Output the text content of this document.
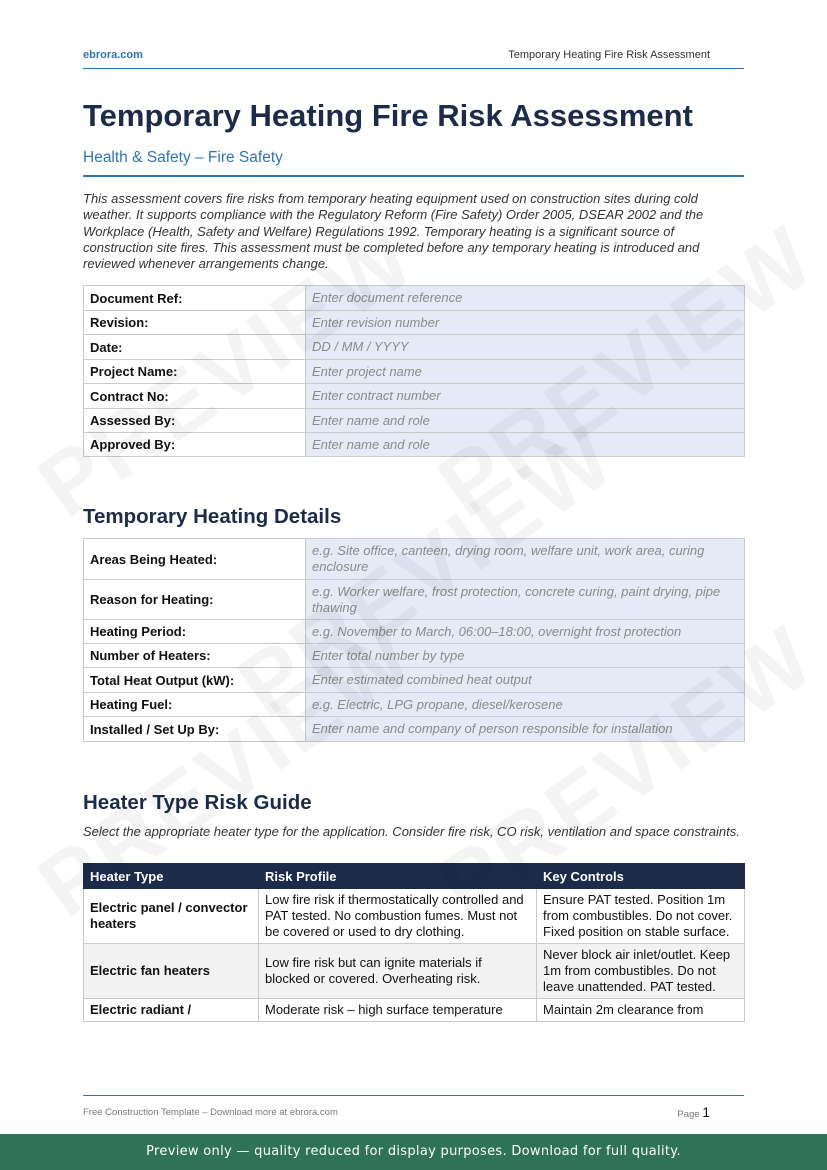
ebrora.com	Temporary Heating Fire Risk Assessment
Temporary Heating Fire Risk Assessment
Health & Safety – Fire Safety

This assessment covers fire risks from temporary heating equipment used on construction sites during cold weather. It supports compliance with the Regulatory Reform (Fire Safety) Order 2005, DSEAR 2002 and the Workplace (Health, Safety and Welfare) Regulations 1992. Temporary heating is a significant source of construction site fires. This assessment must be completed before any temporary heating is introduced and reviewed whenever arrangements change.

Document Ref:	Enter document reference
Revision:	Enter revision number
Date:	DD / MM / YYYY
Project Name:	Enter project name
Contract No:	Enter contract number
Assessed By:	Enter name and role
Approved By:	Enter name and role
Temporary Heating Details
Areas Being Heated:	e.g. Site office, canteen, drying room, welfare unit, work area, curing enclosure
Reason for Heating:	e.g. Worker welfare, frost protection, concrete curing, paint drying, pipe thawing
Heating Period:	e.g. November to March, 06:00–18:00, overnight frost protection
Number of Heaters:	Enter total number by type
Total Heat Output (kW):	Enter estimated combined heat output
Heating Fuel:	e.g. Electric, LPG propane, diesel/kerosene
Installed / Set Up By:	Enter name and company of person responsible for installation
Heater Type Risk Guide

Select the appropriate heater type for the application. Consider fire risk, CO risk, ventilation and space constraints.

Heater Type	Risk Profile	Key Controls
Electric panel / convector heaters	Low fire risk if thermostatically controlled and PAT tested. No combustion fumes. Must not be covered or used to dry clothing.	Ensure PAT tested. Position 1m from combustibles. Do not cover. Fixed position on stable surface.
Electric fan heaters	Low fire risk but can ignite materials if blocked or covered. Overheating risk.	Never block air inlet/outlet. Keep 1m from combustibles. Do not leave unattended. PAT tested.
Electric radiant /	Moderate risk – high surface temperature	Maintain 2m clearance from
Free Construction Template – Download more at ebrora.com	Page 1
Preview only — quality reduced for display purposes. Download for full quality.
